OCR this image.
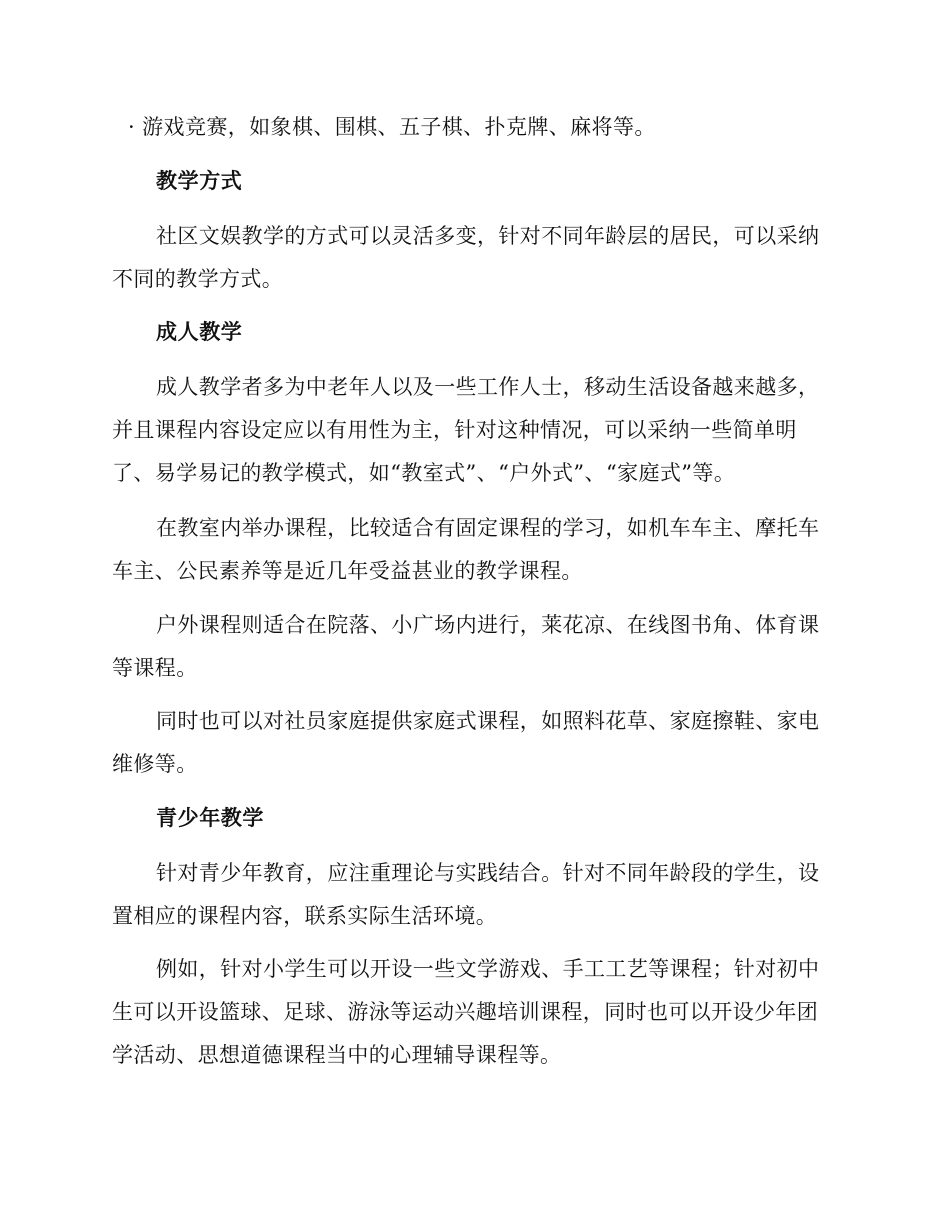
· 游戏竞赛，如象棋、围棋、五子棋、扑克牌、麻将等。
教学方式
社区文娱教学的方式可以灵活多变，针对不同年龄层的居民，可以采纳
不同的教学方式。
成人教学
成人教学者多为中老年人以及一些工作人士，移动生活设备越来越多，
并且课程内容设定应以有用性为主，针对这种情况，可以采纳一些简单明
了、易学易记的教学模式，如“教室式”、“户外式”、“家庭式”等。
在教室内举办课程，比较适合有固定课程的学习，如机车车主、摩托车
车主、公民素养等是近几年受益甚业的教学课程。
户外课程则适合在院落、小广场内进行，莱花凉、在线图书角、体育课
等课程。
同时也可以对社员家庭提供家庭式课程，如照料花草、家庭擦鞋、家电
维修等。
青少年教学
针对青少年教育，应注重理论与实践结合。针对不同年龄段的学生，设
置相应的课程内容，联系实际生活环境。
例如，针对小学生可以开设一些文学游戏、手工工艺等课程；针对初中
生可以开设篮球、足球、游泳等运动兴趣培训课程，同时也可以开设少年团
学活动、思想道德课程当中的心理辅导课程等。
